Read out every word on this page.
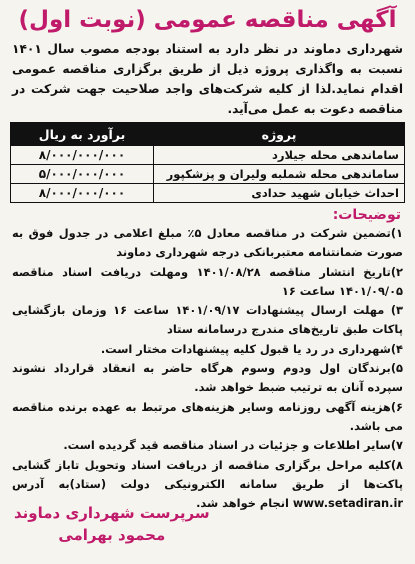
آگهی مناقصه عمومی (نوبت اول)
شهرداری دماوند در نظر دارد به استناد بودجه مصوب سال ۱۴۰۱ نسبت به واگذاری پروژه ذیل از طریق برگزاری مناقصه عمومی اقدام نماید.لذا از کلیه شرکت‌های واجد صلاحیت جهت شرکت در مناقصه دعوت به عمل می‌آید.
پروژه	برآورد به ریال
ساماندهی محله جیلارد	۸/۰۰۰/۰۰۰/۰۰۰
ساماندهی محله شملبه ولیران و پزشکپور	۵/۰۰۰/۰۰۰/۰۰۰
احداث خیابان شهید حدادی	۸/۰۰۰/۰۰۰/۰۰۰
توضیحات:

۱)تضمین شرکت در مناقصه معادل ۵٪ مبلغ اعلامی در جدول فوق به صورت ضمانتنامه معتبربانکی درجه شهرداری دماوند

۲)تاریخ انتشار مناقصه ۱۴۰۱/۰۸/۲۸ ومهلت دریافت اسناد مناقصه ۱۴۰۱/۰۹/۰۵ ساعت ۱۶

۳) مهلت ارسال پیشنهادات ۱۴۰۱/۰۹/۱۷ ساعت ۱۶ وزمان بازگشایی پاکات طبق تاریخ‌های مندرج درسامانه ستاد

۴)شهرداری در رد یا قبول کلیه پیشنهادات مختار است.

۵)برندگان اول ودوم وسوم هرگاه حاضر به انعقاد قرارداد نشوند سپرده آنان به ترتیب ضبط خواهد شد.

۶)هزینه آگهی روزنامه وسایر هزینه‌های مرتبط به عهده برنده مناقصه می باشد.

۷)سایر اطلاعات و جزئیات در اسناد مناقصه قید گردیده است.

۸)کلیه مراحل برگزاری مناقصه از دریافت اسناد وتحویل تاباز گشایی پاکت‌ها از طریق سامانه الکترونیکی دولت (ستاد)به آدرس www.setadiran.ir انجام خواهد شد.

سرپرست شهرداری دماوند
محمود بهرامی
